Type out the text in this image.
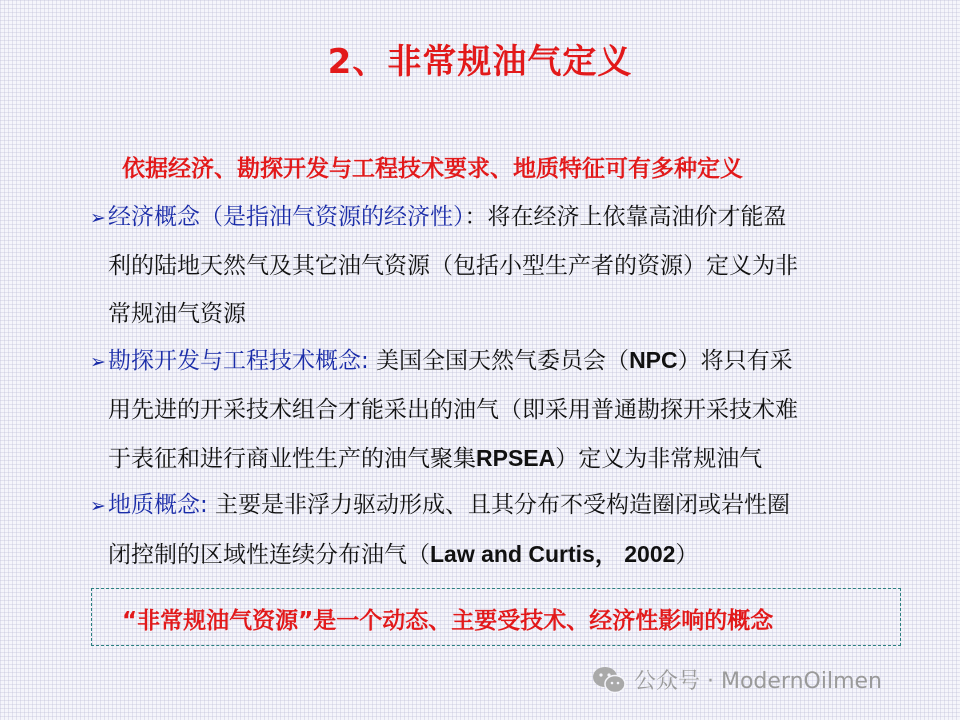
2、非常规油气定义
依据经济、勘探开发与工程技术要求、地质特征可有多种定义
➢经济概念（是指油气资源的经济性）：将在经济上依靠高油价才能盈
利的陆地天然气及其它油气资源（包括小型生产者的资源）定义为非
常规油气资源
➢勘探开发与工程技术概念: 美国全国天然气委员会（NPC）将只有采
用先进的开采技术组合才能采出的油气（即采用普通勘探开采技术难
于表征和进行商业性生产的油气聚集RPSEA）定义为非常规油气
➢地质概念: 主要是非浮力驱动形成、且其分布不受构造圈闭或岩性圈
闭控制的区域性连续分布油气（Law and Curtis， 2002）
“非常规油气资源”是一个动态、主要受技术、经济性影响的概念
公众号 · ModernOilmen
